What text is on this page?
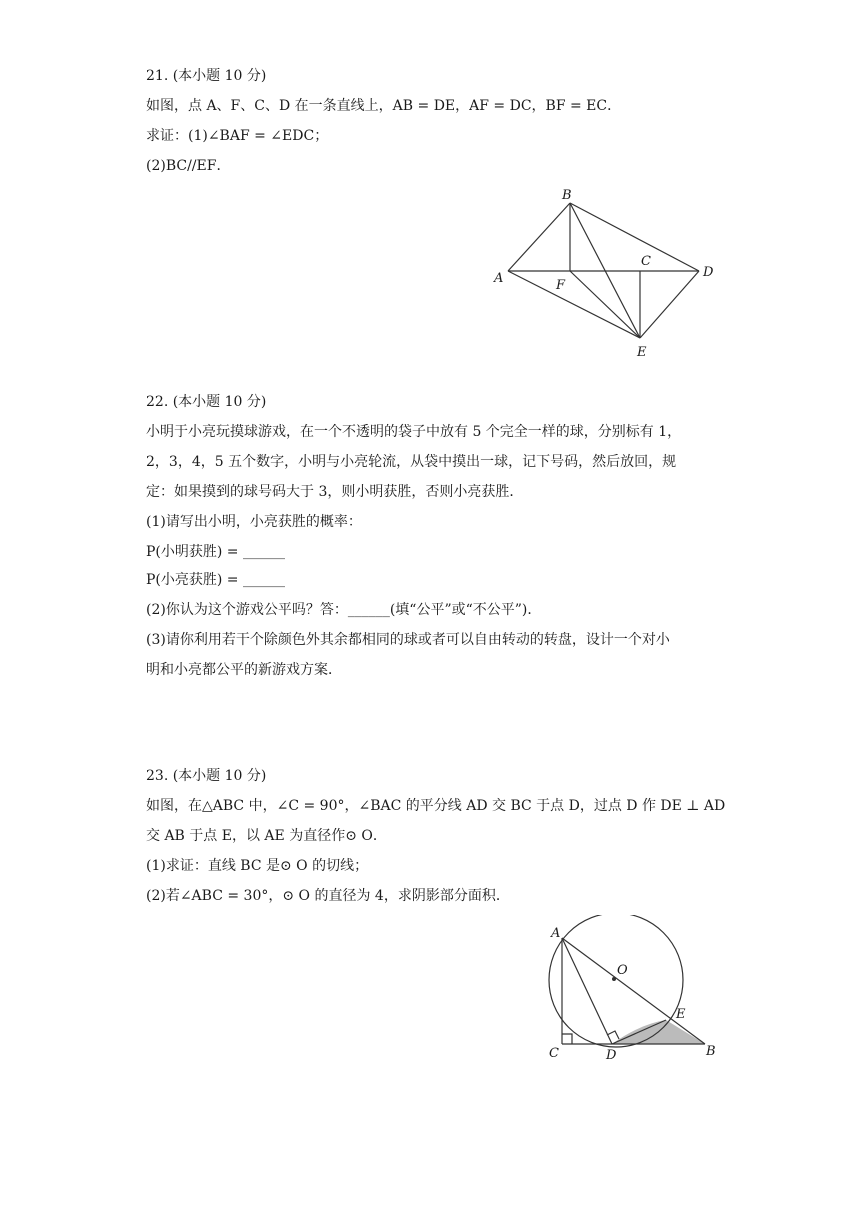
21. (本小题 10 分)
如图，点 A、F、C、D 在一条直线上，AB = DE，AF = DC，BF = EC．
求证：(1)∠BAF = ∠EDC；
(2)BC//EF．
A
B
C
D
E
F
22. (本小题 10 分)
小明于小亮玩摸球游戏，在一个不透明的袋子中放有 5 个完全一样的球，分别标有 1，
2，3，4，5 五个数字，小明与小亮轮流，从袋中摸出一球，记下号码，然后放回，规
定：如果摸到的球号码大于 3，则小明获胜，否则小亮获胜．
(1)请写出小明，小亮获胜的概率：
P(小明获胜) = ______
P(小亮获胜) = ______
(2)你认为这个游戏公平吗？答：______(填“公平”或“不公平”)．
(3)请你利用若干个除颜色外其余都相同的球或者可以自由转动的转盘，设计一个对小
明和小亮都公平的新游戏方案．
23. (本小题 10 分)
如图，在△ABC 中，∠C = 90°，∠BAC 的平分线 AD 交 BC 于点 D，过点 D 作 DE ⊥ AD
交 AB 于点 E，以 AE 为直径作⊙ O．
(1)求证：直线 BC 是⊙ O 的切线；
(2)若∠ABC = 30°，⊙ O 的直径为 4，求阴影部分面积．
A
O
E
C	D	B
